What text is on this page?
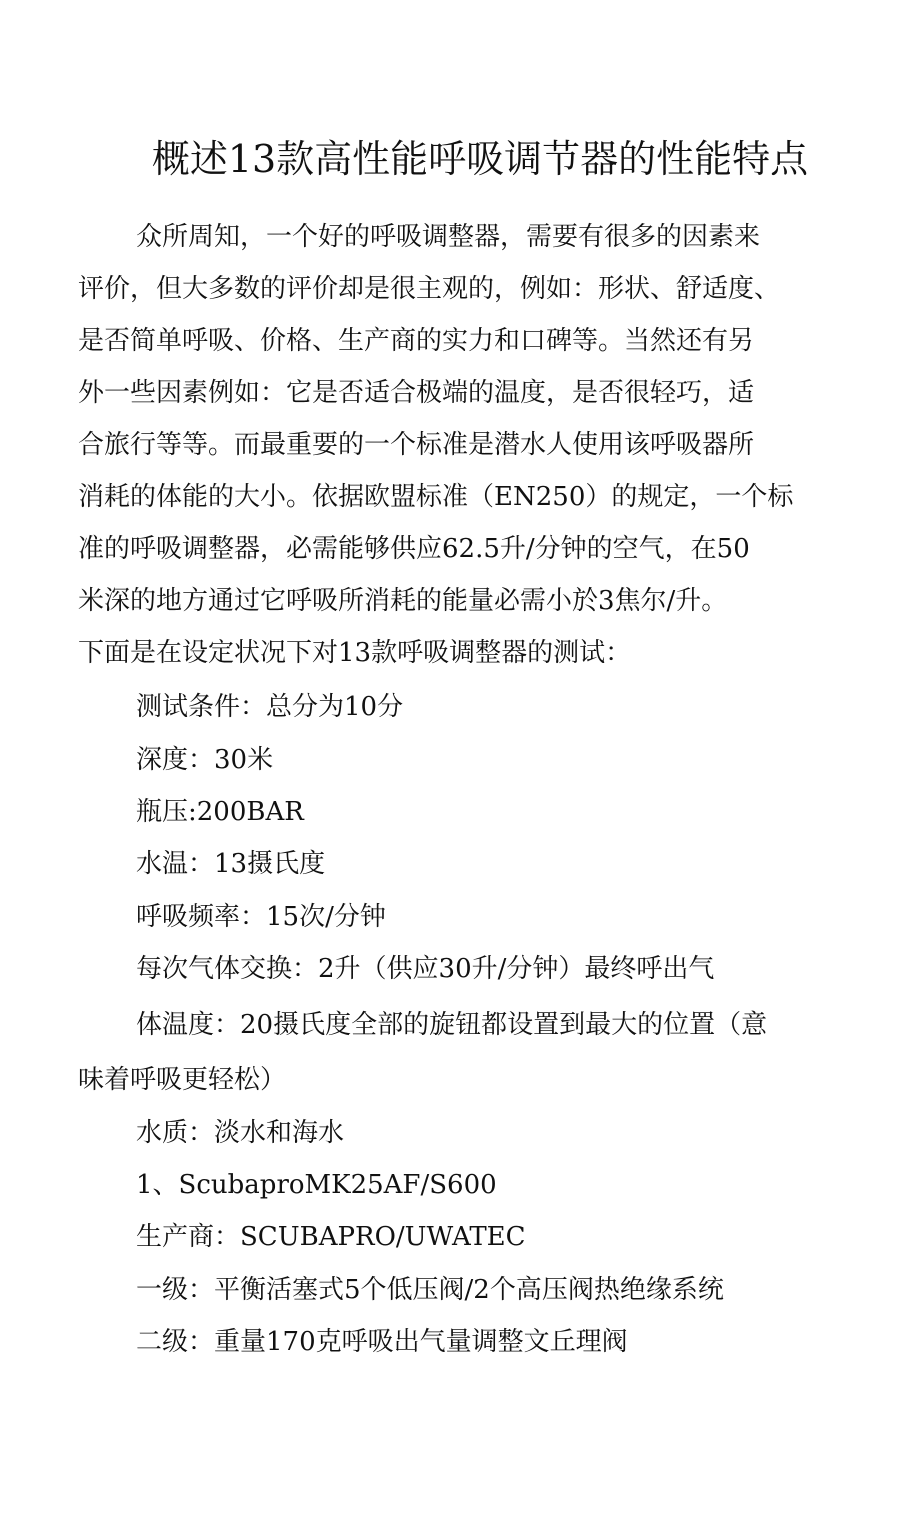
概述13款高性能呼吸调节器的性能特点
众所周知，一个好的呼吸调整器，需要有很多的因素来
评价，但大多数的评价却是很主观的，例如：形状、舒适度、
是否简单呼吸、价格、生产商的实力和口碑等。当然还有另
外一些因素例如：它是否适合极端的温度，是否很轻巧，适
合旅行等等。而最重要的一个标准是潜水人使用该呼吸器所
消耗的体能的大小。依据欧盟标准（EN250）的规定，一个标
准的呼吸调整器，必需能够供应62.5升/分钟的空气，在50
米深的地方通过它呼吸所消耗的能量必需小於3焦尔/升。
下面是在设定状况下对13款呼吸调整器的测试：
测试条件：总分为10分
深度：30米
瓶压:200BAR
水温：13摄氏度
呼吸频率：15次/分钟
每次气体交换：2升（供应30升/分钟）最终呼出气
体温度：20摄氏度全部的旋钮都设置到最大的位置（意
味着呼吸更轻松）
水质：淡水和海水
1、ScubaproMK25AF/S600
生产商：SCUBAPRO/UWATEC
一级：平衡活塞式5个低压阀/2个高压阀热绝缘系统
二级：重量170克呼吸出气量调整文丘理阀
